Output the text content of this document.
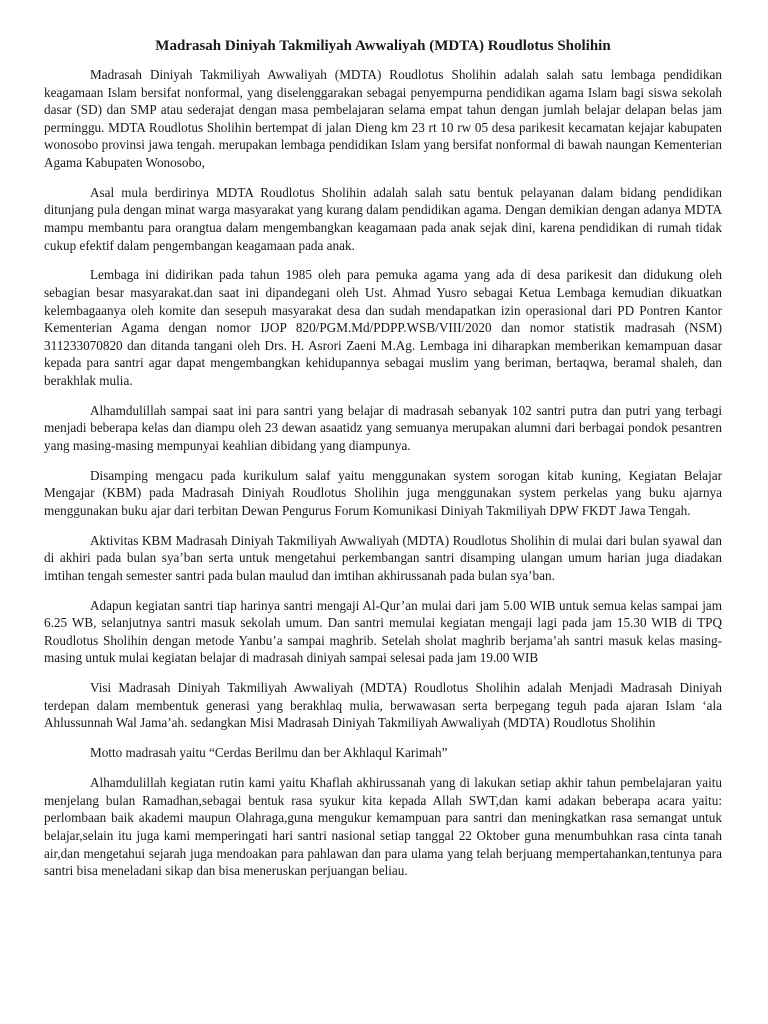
Madrasah Diniyah Takmiliyah Awwaliyah (MDTA) Roudlotus Sholihin

Madrasah Diniyah Takmiliyah Awwaliyah (MDTA) Roudlotus Sholihin adalah salah satu lembaga pendidikan keagamaan Islam bersifat nonformal, yang diselenggarakan sebagai penyempurna pendidikan agama Islam bagi siswa sekolah dasar (SD) dan SMP atau sederajat dengan masa pembelajaran selama empat tahun dengan jumlah belajar delapan belas jam perminggu. MDTA Roudlotus Sholihin bertempat di jalan Dieng km 23 rt 10 rw 05 desa parikesit kecamatan kejajar kabupaten wonosobo provinsi jawa tengah. merupakan lembaga pendidikan Islam yang bersifat nonformal di bawah naungan Kementerian Agama Kabupaten Wonosobo,

Asal mula berdirinya MDTA Roudlotus Sholihin adalah salah satu bentuk pelayanan dalam bidang pendidikan ditunjang pula dengan minat warga masyarakat yang kurang dalam pendidikan agama. Dengan demikian dengan adanya MDTA mampu membantu para orangtua dalam mengembangkan keagamaan pada anak sejak dini, karena pendidikan di rumah tidak cukup efektif dalam pengembangan keagamaan pada anak.

Lembaga ini didirikan pada tahun 1985 oleh para pemuka agama yang ada di desa parikesit dan didukung oleh sebagian besar masyarakat.dan saat ini dipandegani oleh Ust. Ahmad Yusro sebagai Ketua Lembaga kemudian dikuatkan kelembagaanya oleh komite dan sesepuh masyarakat desa dan sudah mendapatkan izin operasional dari PD Pontren Kantor Kementerian Agama dengan nomor IJOP 820/PGM.Md/PDPP.WSB/VIII/2020 dan nomor statistik madrasah (NSM) 311233070820 dan ditanda tangani oleh Drs. H. Asrori Zaeni M.Ag. Lembaga ini diharapkan memberikan kemampuan dasar kepada para santri agar dapat mengembangkan kehidupannya sebagai muslim yang beriman, bertaqwa, beramal shaleh, dan berakhlak mulia.

Alhamdulillah sampai saat ini para santri yang belajar di madrasah sebanyak 102 santri putra dan putri yang terbagi menjadi beberapa kelas dan diampu oleh 23 dewan asaatidz yang semuanya merupakan alumni dari berbagai pondok pesantren yang masing-masing mempunyai keahlian dibidang yang diampunya.

Disamping mengacu pada kurikulum salaf yaitu menggunakan system sorogan kitab kuning, Kegiatan Belajar Mengajar (KBM) pada Madrasah Diniyah Roudlotus Sholihin juga menggunakan system perkelas yang buku ajarnya menggunakan buku ajar dari terbitan Dewan Pengurus Forum Komunikasi Diniyah Takmiliyah DPW FKDT Jawa Tengah.

Aktivitas KBM Madrasah Diniyah Takmiliyah Awwaliyah (MDTA) Roudlotus Sholihin di mulai dari bulan syawal dan di akhiri pada bulan sya’ban serta untuk mengetahui perkembangan santri disamping ulangan umum harian juga diadakan imtihan tengah semester santri pada bulan maulud dan imtihan akhirussanah pada bulan sya’ban.

Adapun kegiatan santri tiap harinya santri mengaji Al-Qur’an mulai dari jam 5.00 WIB untuk semua kelas sampai jam 6.25 WB, selanjutnya santri masuk sekolah umum. Dan santri memulai kegiatan mengaji lagi pada jam 15.30 WIB di TPQ Roudlotus Sholihin dengan metode Yanbu’a sampai maghrib. Setelah sholat maghrib berjama’ah santri masuk kelas masing-masing untuk mulai kegiatan belajar di madrasah diniyah sampai selesai pada jam 19.00 WIB

Visi Madrasah Diniyah Takmiliyah Awwaliyah (MDTA) Roudlotus Sholihin adalah Menjadi Madrasah Diniyah terdepan dalam membentuk generasi yang berakhlaq mulia, berwawasan serta berpegang teguh pada ajaran Islam ‘ala Ahlussunnah Wal Jama’ah. sedangkan Misi Madrasah Diniyah Takmiliyah Awwaliyah (MDTA) Roudlotus Sholihin

Motto madrasah yaitu “Cerdas Berilmu dan ber Akhlaqul Karimah”

Alhamdulillah kegiatan rutin kami yaitu Khaflah akhirussanah yang di lakukan setiap akhir tahun pembelajaran yaitu menjelang bulan Ramadhan,sebagai bentuk rasa syukur kita kepada Allah SWT,dan kami adakan beberapa acara yaitu: perlombaan baik akademi maupun Olahraga,guna mengukur kemampuan para santri dan meningkatkan rasa semangat untuk belajar,selain itu juga kami memperingati hari santri nasional setiap tanggal 22 Oktober guna menumbuhkan rasa cinta tanah air,dan mengetahui sejarah juga mendoakan para pahlawan dan para ulama yang telah berjuang mempertahankan,tentunya para santri bisa meneladani sikap dan bisa meneruskan perjuangan beliau.
